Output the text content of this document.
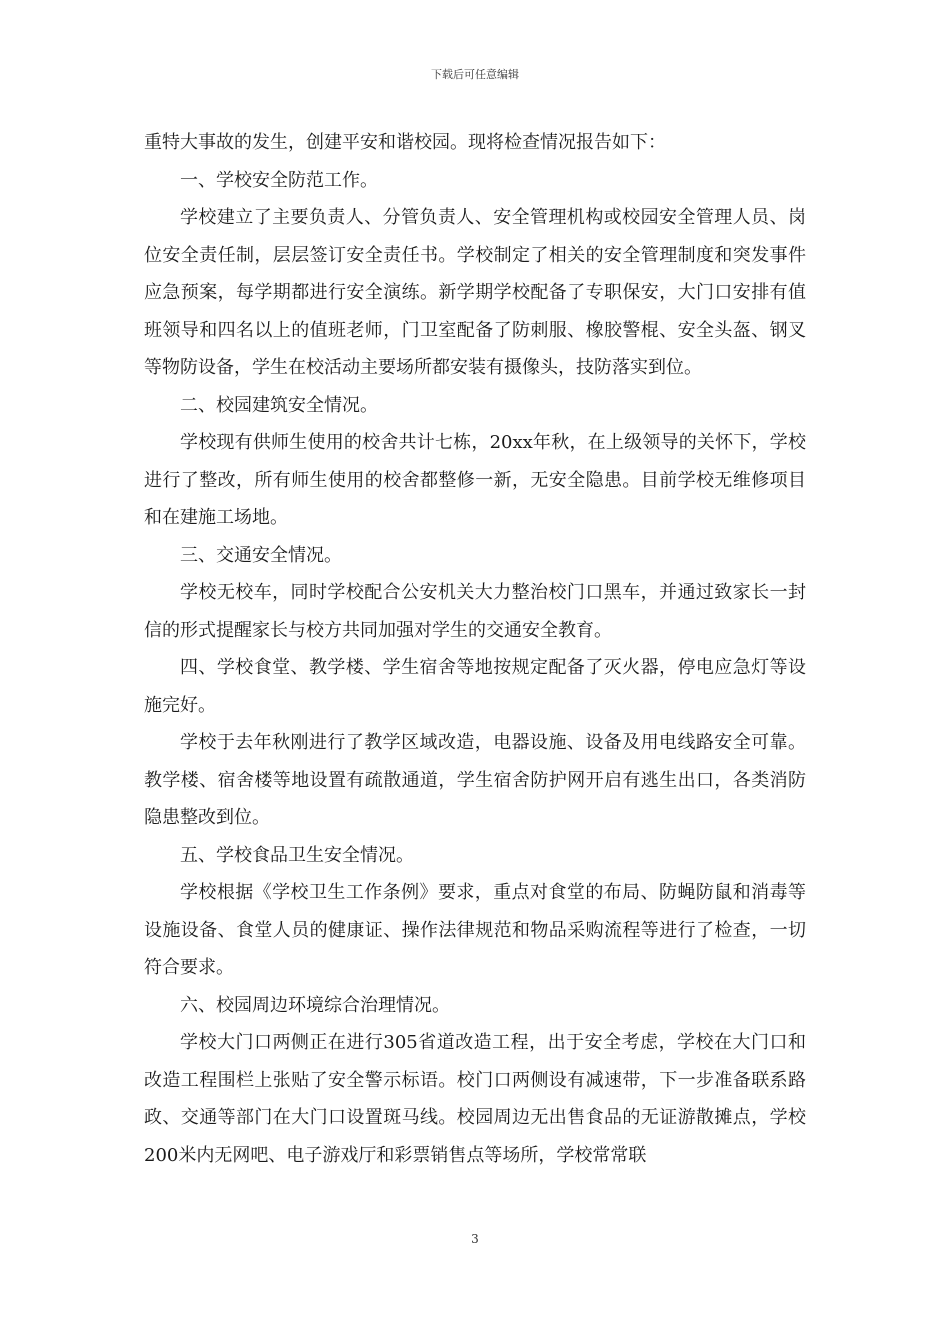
下载后可任意编辑

重特大事故的发生，创建平安和谐校园。现将检查情况报告如下：

一、学校安全防范工作。

学校建立了主要负责人、分管负责人、安全管理机构或校园安全管理人员、岗位安全责任制，层层签订安全责任书。学校制定了相关的安全管理制度和突发事件应急预案，每学期都进行安全演练。新学期学校配备了专职保安，大门口安排有值班领导和四名以上的值班老师，门卫室配备了防刺服、橡胶警棍、安全头盔、钢叉等物防设备，学生在校活动主要场所都安装有摄像头，技防落实到位。

二、校园建筑安全情况。

学校现有供师生使用的校舍共计七栋，20xx年秋，在上级领导的关怀下，学校进行了整改，所有师生使用的校舍都整修一新，无安全隐患。目前学校无维修项目和在建施工场地。

三、交通安全情况。

学校无校车，同时学校配合公安机关大力整治校门口黑车，并通过致家长一封信的形式提醒家长与校方共同加强对学生的交通安全教育。

四、学校食堂、教学楼、学生宿舍等地按规定配备了灭火器，停电应急灯等设施完好。

学校于去年秋刚进行了教学区域改造，电器设施、设备及用电线路安全可靠。教学楼、宿舍楼等地设置有疏散通道，学生宿舍防护网开启有逃生出口，各类消防隐患整改到位。

五、学校食品卫生安全情况。

学校根据《学校卫生工作条例》要求，重点对食堂的布局、防蝇防鼠和消毒等设施设备、食堂人员的健康证、操作法律规范和物品采购流程等进行了检查，一切符合要求。

六、校园周边环境综合治理情况。

学校大门口两侧正在进行305省道改造工程，出于安全考虑，学校在大门口和改造工程围栏上张贴了安全警示标语。校门口两侧设有减速带，下一步准备联系路政、交通等部门在大门口设置斑马线。校园周边无出售食品的无证游散摊点，学校200米内无网吧、电子游戏厅和彩票销售点等场所，学校常常联

3
